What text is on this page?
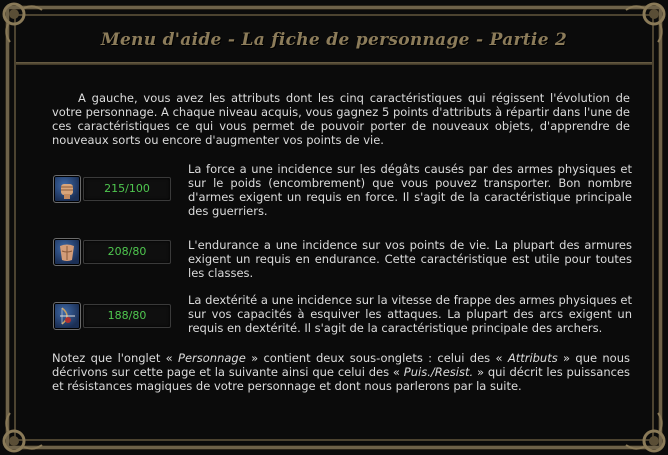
Menu d'aide - La fiche de personnage - Partie 2
A gauche, vous avez les attributs dont les cinq caractéristiques qui régissent l'évolution de votre personnage. A chaque niveau acquis, vous gagnez 5 points d'attributs à répartir dans l'une de ces caractéristiques ce qui vous permet de pouvoir porter de nouveaux objets, d'apprendre de nouveaux sorts ou encore d'augmenter vos points de vie.
215/100
La force a une incidence sur les dégâts causés par des armes physiques et sur le poids (encombrement) que vous pouvez transporter. Bon nombre d'armes exigent un requis en force. Il s'agit de la caractéristique principale des guerriers.
208/80	L'endurance a une incidence sur vos points de vie. La plupart des armures exigent un requis en endurance. Cette caractéristique est utile pour toutes les classes.
188/80
La dextérité a une incidence sur la vitesse de frappe des armes physiques et sur vos capacités à esquiver les attaques. La plupart des arcs exigent un requis en dextérité. Il s'agit de la caractéristique principale des archers.
Notez que l'onglet « Personnage » contient deux sous-onglets : celui des « Attributs » que nous décrivons sur cette page et la suivante ainsi que celui des « Puis./Resist. » qui décrit les puissances et résistances magiques de votre personnage et dont nous parlerons par la suite.
